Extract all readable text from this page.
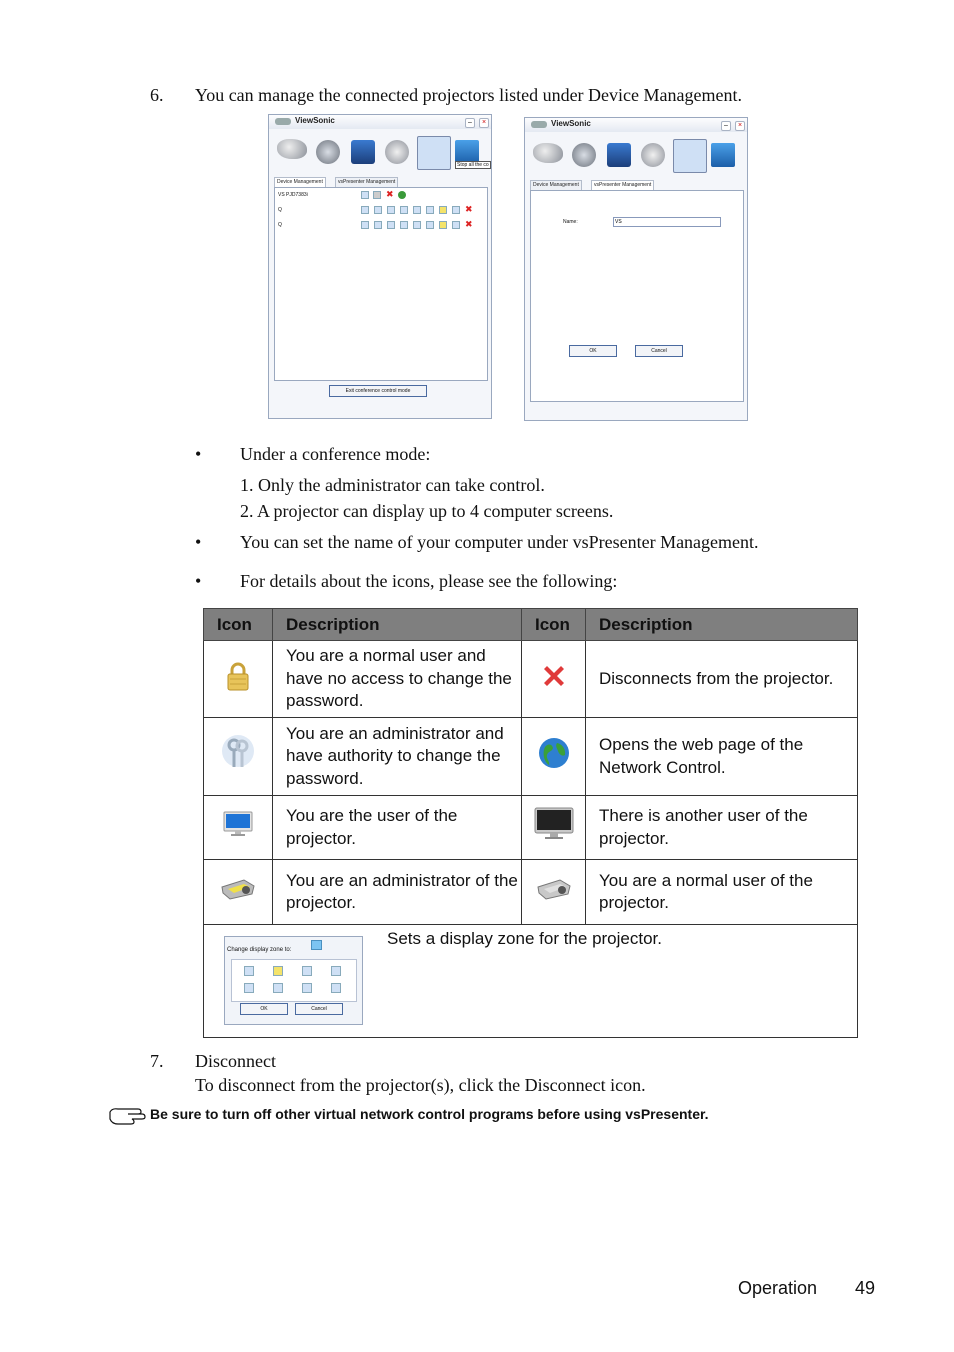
6. You can manage the connected projectors listed under Device Management.
ViewSonic	–	×
Stop all the co
Device Management	vsPresenter Management
VS PJD7383i	✖
Q
Q
✖
✖
Exit conference control mode
ViewSonic	–	×
Device Management	vsPresenter Management
Name:
VS
OK	Cancel
• Under a conference mode:
1. Only the administrator can take control.
2. A projector can display up to 4 computer screens.
• You can set the name of your computer under vsPresenter Management.
• For details about the icons, please see the following:
Icon	Description	Icon	Description
	You are a normal user and have no access to change the password.		Disconnects from the projector.
	You are an administrator and have authority to change the password.		Opens the web page of the Network Control.
	You are the user of the projector.		There is another user of the projector.
	You are an administrator of the projector.		You are a normal user of the projector.

Change display zone to:
OK Cancel
Sets a display zone for the projector.			
7. Disconnect
To disconnect from the projector(s), click the Disconnect icon.
Be sure to turn off other virtual network control programs before using vsPresenter.
Operation 49
